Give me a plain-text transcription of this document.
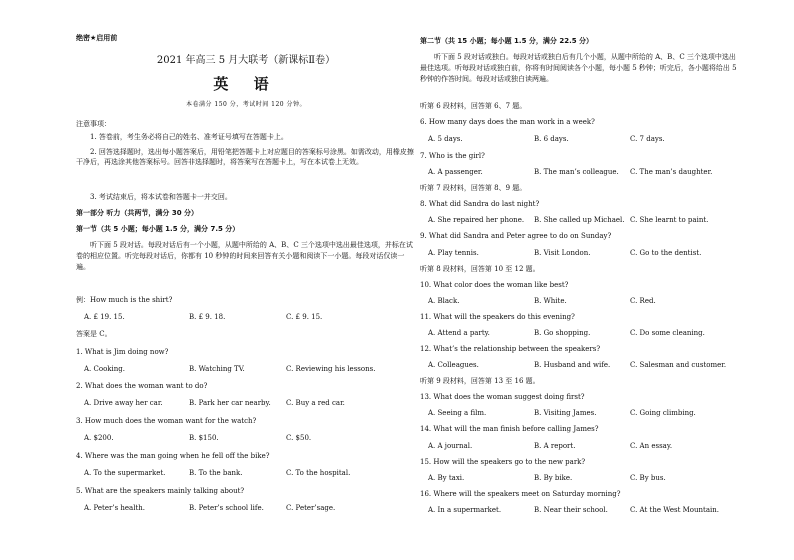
绝密★启用前
2021 年高三 5 月大联考（新课标Ⅱ卷）
英 语
本卷满分 150 分，考试时间 120 分钟。
注意事项：
1. 答卷前，考生务必将自己的姓名、准考证号填写在答题卡上。
2. 回答选择题时，选出每小题答案后，用铅笔把答题卡上对应题目的答案标号涂黑。如需改动，用橡皮擦干净后，再选涂其他答案标号。回答非选择题时，将答案写在答题卡上，写在本试卷上无效。
3. 考试结束后，将本试卷和答题卡一并交回。
第一部分 听力（共两节，满分 30 分）
第一节（共 5 小题；每小题 1.5 分，满分 7.5 分）
听下面 5 段对话。每段对话后有一个小题，从题中所给的 A、B、C 三个选项中选出最佳选项，并标在试卷的相应位置。听完每段对话后，你都有 10 秒钟的时间来回答有关小题和阅读下一小题。每段对话仅读一遍。
例：How much is the shirt?
A. £ 19. 15.	B. £ 9. 18.	C. £ 9. 15.
答案是 C。
1. What is Jim doing now?
A. Cooking.	B. Watching TV.	C. Reviewing his lessons.
2. What does the woman want to do?
A. Drive away her car.	B. Park her car nearby. C. Buy a red car.
3. How much does the woman want for the watch?
A. $200.	B. $150.	C. $50.
4. Where was the man going when he fell off the bike?
A. To the supermarket.	B. To the bank.	C. To the hospital.
5. What are the speakers mainly talking about?
A. Peter’s health.	B. Peter’s school life.	C. Peter’sage.
第二节（共 15 小题；每小题 1.5 分，满分 22.5 分）
听下面 5 段对话或独白。每段对话或独白后有几个小题，从题中所给的 A、B、C 三个选项中选出最佳选项。听每段对话或独白前，你将有时间阅读各个小题，每小题 5 秒钟；听完后，各小题将给出 5 秒钟的作答时间。每段对话或独白读两遍。
听第 6 段材料，回答第 6、7 题。
6. How many days does the man work in a week?
A. 5 days.	B. 6 days.	C. 7 days.
7. Who is the girl?
A. A passenger.	B. The man’s colleague. C. The man’s daughter.
听第 7 段材料，回答第 8、9 题。
8. What did Sandra do last night?
A. She repaired her phone. B. She called up Michael. C. She learnt to paint.
9. What did Sandra and Peter agree to do on Sunday?
A. Play tennis.	B. Visit London.	C. Go to the dentist.
听第 8 段材料，回答第 10 至 12 题。
10. What color does the woman like best?
A. Black.	B. White.	C. Red.
11. What will the speakers do this evening?
A. Attend a party.	B. Go shopping.	C. Do some cleaning.
12. What’s the relationship between the speakers?
A. Colleagues.	B. Husband and wife.	C. Salesman and customer.
听第 9 段材料，回答第 13 至 16 题。
13. What does the woman suggest doing first?
A. Seeing a film.	B. Visiting James.	C. Going climbing.
14. What will the man finish before calling James?
A. A journal.	B. A report.	C. An essay.
15. How will the speakers go to the new park?
A. By taxi.	B. By bike.	C. By bus.
16. Where will the speakers meet on Saturday morning?
A. In a supermarket.	B. Near their school.	C. At the West Mountain.
